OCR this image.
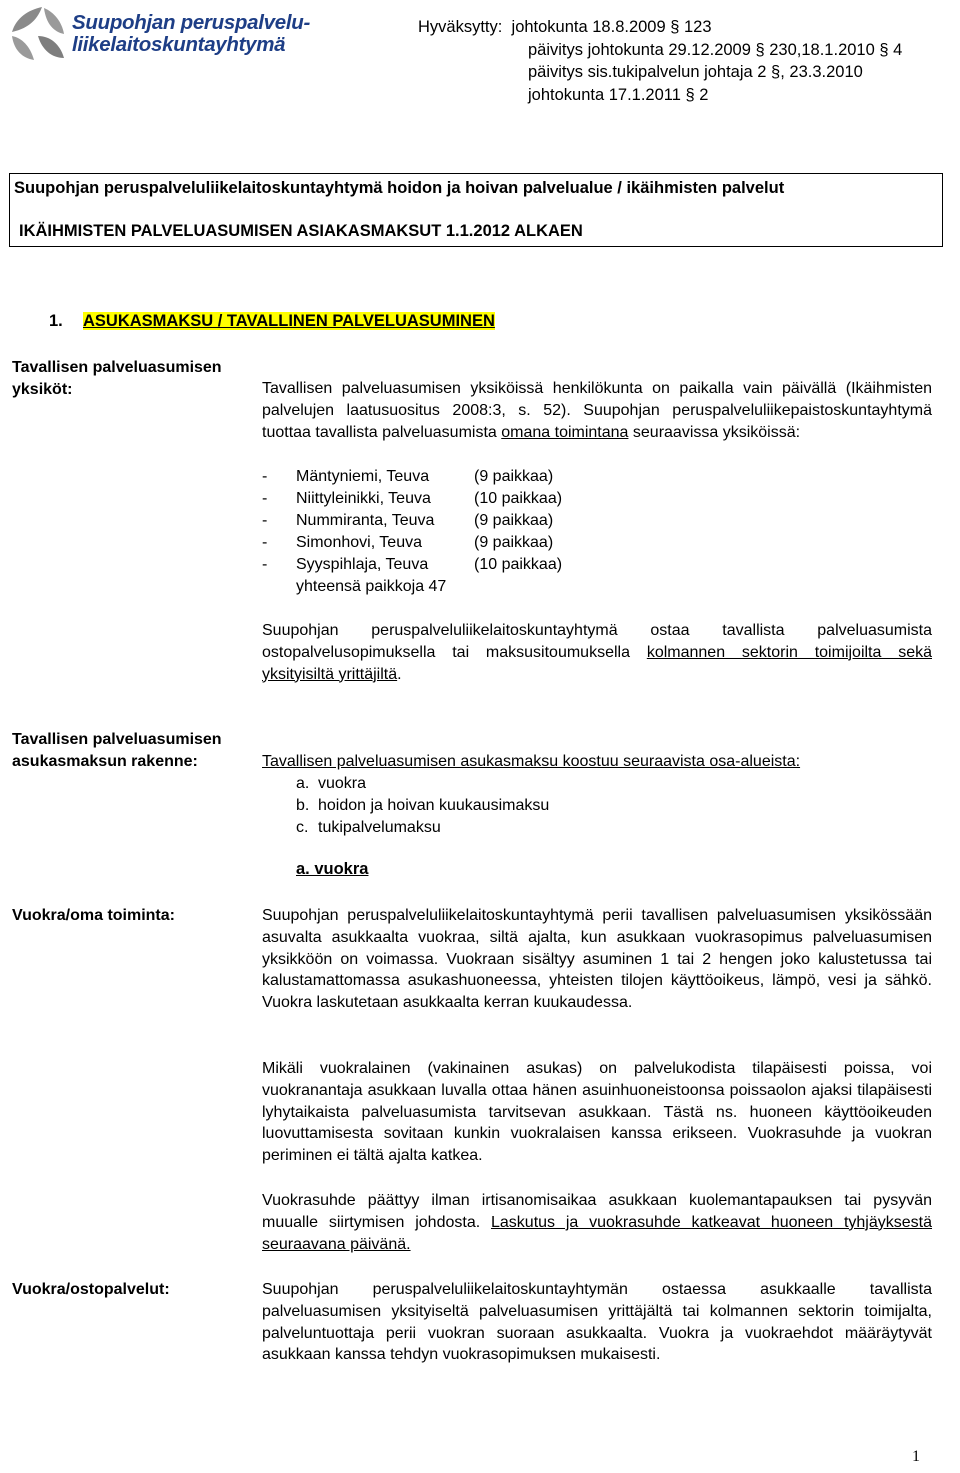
Suupohjan peruspalvelu-
liikelaitoskuntayhtymä
Hyväksytty: johtokunta 18.8.2009 § 123
päivitys johtokunta 29.12.2009 § 230,18.1.2010 § 4
päivitys sis.tukipalvelun johtaja 2 §, 23.3.2010
johtokunta 17.1.2011 § 2
Suupohjan peruspalveluliikelaitoskuntayhtymä hoidon ja hoivan palvelualue / ikäihmisten palvelut
IKÄIHMISTEN PALVELUASUMISEN ASIAKASMAKSUT 1.1.2012 ALKAEN
1. ASUKASMAKSU / TAVALLINEN PALVELUASUMINEN
Tavallisen palveluasumisen
yksiköt:	Tavallisen palveluasumisen yksiköissä henkilökunta on paikalla vain päivällä (Ikäihmisten palvelujen laatusuositus 2008:3, s. 52). Suupohjan peruspalveluliikepaistoskuntayhtymä tuottaa tavallista palveluasumista omana toimintana seuraavissa yksiköissä:
- Mäntyniemi, Teuva	(9 paikkaa)
- Niittyleinikki, Teuva	(10 paikkaa)
- Nummiranta, Teuva (9 paikkaa)
- Simonhovi, Teuva	(9 paikkaa)
- Syyspihlaja, Teuva	(10 paikkaa)
yhteensä paikkoja 47
Suupohjan peruspalveluliikelaitoskuntayhtymä ostaa tavallista palveluasumista ostopalvelusopimuksella tai maksusitoumuksella kolmannen sektorin toimijoilta sekä yksityisiltä yrittäjiltä.
Tavallisen palveluasumisen
asukasmaksun rakenne:	Tavallisen palveluasumisen asukasmaksu koostuu seuraavista osa-alueista:
a. vuokra
b. hoidon ja hoivan kuukausimaksu
c. tukipalvelumaksu
a. vuokra
Vuokra/oma toiminta:	Suupohjan peruspalveluliikelaitoskuntayhtymä perii tavallisen palveluasumisen yksikössään asuvalta asukkaalta vuokraa, siltä ajalta, kun asukkaan vuokrasopimus palveluasumisen yksikköön on voimassa. Vuokraan sisältyy asuminen 1 tai 2 hengen joko kalustetussa tai kalustamattomassa asukashuoneessa, yhteisten tilojen käyttöoikeus, lämpö, vesi ja sähkö. Vuokra laskutetaan asukkaalta kerran kuukaudessa.
Mikäli vuokralainen (vakinainen asukas) on palvelukodista tilapäisesti poissa, voi vuokranantaja asukkaan luvalla ottaa hänen asuinhuoneistoonsa poissaolon ajaksi tilapäisesti lyhytaikaista palveluasumista tarvitsevan asukkaan. Tästä ns. huoneen käyttöoikeuden luovuttamisesta sovitaan kunkin vuokralaisen kanssa erikseen. Vuokrasuhde ja vuokran periminen ei tältä ajalta katkea.
Vuokrasuhde päättyy ilman irtisanomisaikaa asukkaan kuolemantapauksen tai pysyvän muualle siirtymisen johdosta. Laskutus ja vuokrasuhde katkeavat huoneen tyhjäyksestä seuraavana päivänä.
Vuokra/ostopalvelut:	Suupohjan peruspalveluliikelaitoskuntayhtymän ostaessa asukkaalle tavallista palveluasumisen yksityiseltä palveluasumisen yrittäjältä tai kolmannen sektorin toimijalta, palveluntuottaja perii vuokran suoraan asukkaalta. Vuokra ja vuokraehdot määräytyvät asukkaan kanssa tehdyn vuokrasopimuksen mukaisesti.
1
